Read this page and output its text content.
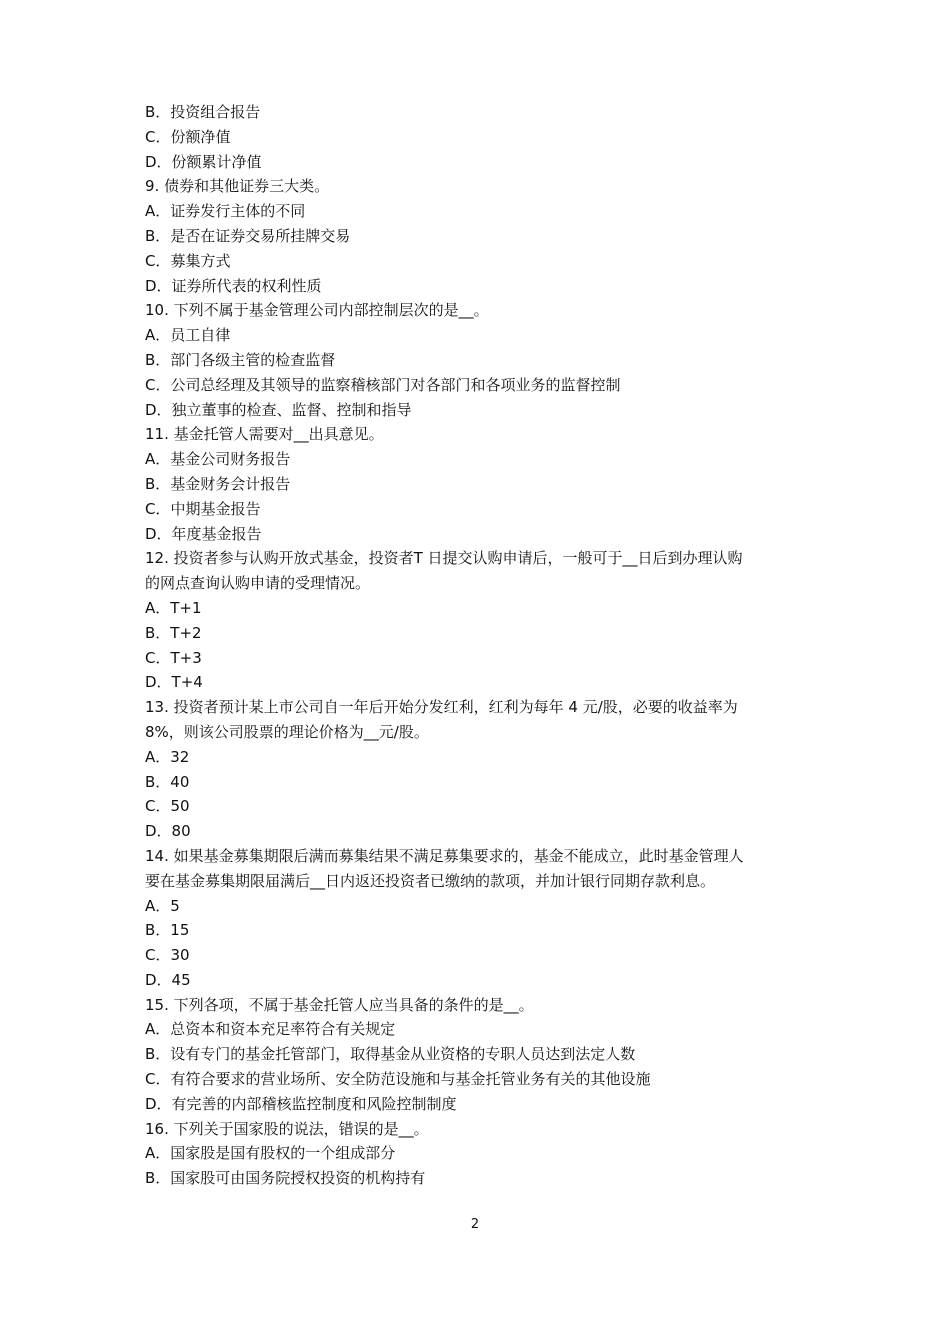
B．投资组合报告
C．份额净值
D．份额累计净值
9. 债券和其他证券三大类。
A．证券发行主体的不同
B．是否在证券交易所挂牌交易
C．募集方式
D．证券所代表的权利性质
10. 下列不属于基金管理公司内部控制层次的是__。
A．员工自律
B．部门各级主管的检查监督
C．公司总经理及其领导的监察稽核部门对各部门和各项业务的监督控制
D．独立董事的检查、监督、控制和指导
11. 基金托管人需要对__出具意见。
A．基金公司财务报告
B．基金财务会计报告
C．中期基金报告
D．年度基金报告
12. 投资者参与认购开放式基金，投资者T 日提交认购申请后，一般可于__日后到办理认购
的网点查询认购申请的受理情况。
A．T+1
B．T+2
C．T+3
D．T+4
13. 投资者预计某上市公司自一年后开始分发红利，红利为每年 4 元/股，必要的收益率为
8%，则该公司股票的理论价格为__元/股。
A．32
B．40
C．50
D．80
14. 如果基金募集期限后满而募集结果不满足募集要求的，基金不能成立，此时基金管理人
要在基金募集期限届满后__日内返还投资者已缴纳的款项，并加计银行同期存款利息。
A．5
B．15
C．30
D．45
15. 下列各项，不属于基金托管人应当具备的条件的是__。
A．总资本和资本充足率符合有关规定
B．设有专门的基金托管部门，取得基金从业资格的专职人员达到法定人数
C．有符合要求的营业场所、安全防范设施和与基金托管业务有关的其他设施
D．有完善的内部稽核监控制度和风险控制制度
16. 下列关于国家股的说法，错误的是__。
A．国家股是国有股权的一个组成部分
B．国家股可由国务院授权投资的机构持有
2
